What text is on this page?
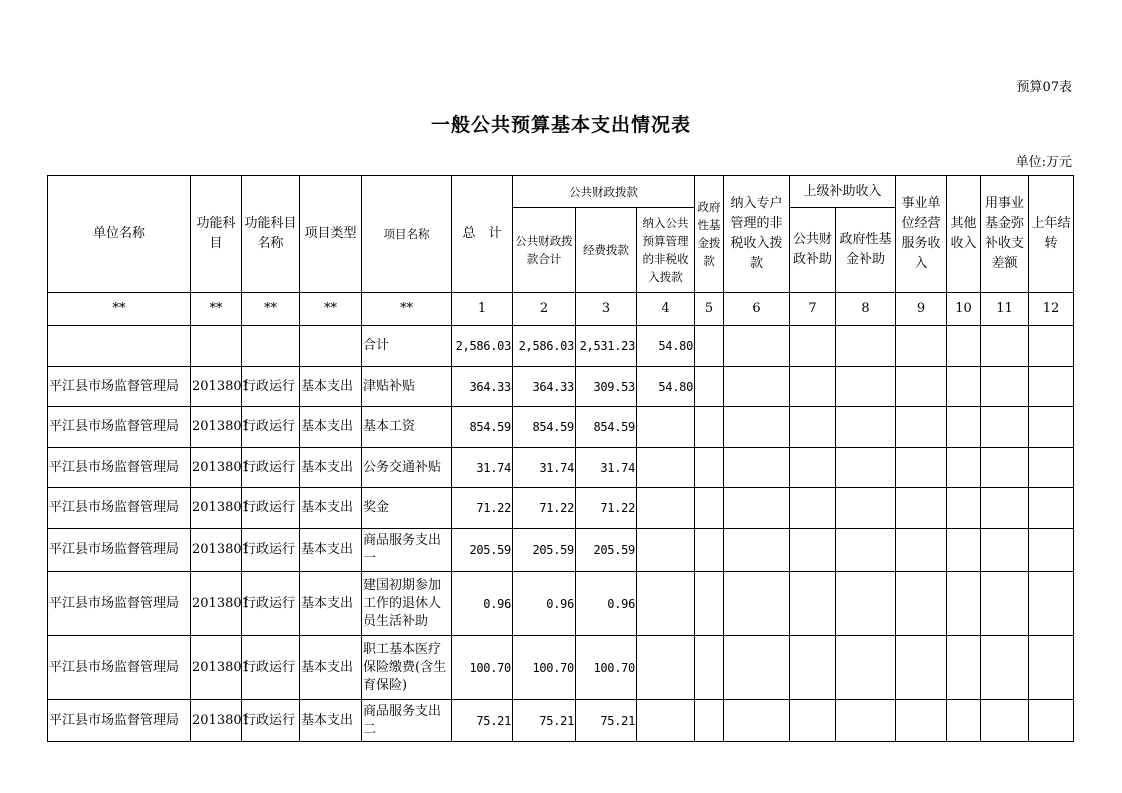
预算07表
一般公共预算基本支出情况表
单位:万元
单位名称	功能科目	功能科目名称	项目类型	项目名称	总　计	公共财政拨款			政府性基金拨款	纳入专户管理的非税收入拨款	上级补助收入		事业单位经营服务收入	其他收入	用事业基金弥补收支差额	上年结转
						公共财政拨款合计	经费拨款	纳入公共预算管理的非税收入拨款			公共财政补助	政府性基金补助				
**	**	**	**	**	1	2	3	4	5	6	7	8	9	10	11	12
				合计	2,586.03	2,586.03	2,531.23	54.80								
平江县市场监督管理局	2013801	行政运行	基本支出	津贴补贴	364.33	364.33	309.53	54.80								
平江县市场监督管理局	2013801	行政运行	基本支出	基本工资	854.59	854.59	854.59									
平江县市场监督管理局	2013801	行政运行	基本支出	公务交通补贴	31.74	31.74	31.74									
平江县市场监督管理局	2013801	行政运行	基本支出	奖金	71.22	71.22	71.22									
平江县市场监督管理局	2013801	行政运行	基本支出	商品服务支出一	205.59	205.59	205.59									
平江县市场监督管理局	2013801	行政运行	基本支出	建国初期参加工作的退休人员生活补助	0.96	0.96	0.96									
平江县市场监督管理局	2013801	行政运行	基本支出	职工基本医疗保险缴费(含生育保险)	100.70	100.70	100.70									
平江县市场监督管理局	2013801	行政运行	基本支出	商品服务支出二	75.21	75.21	75.21									
